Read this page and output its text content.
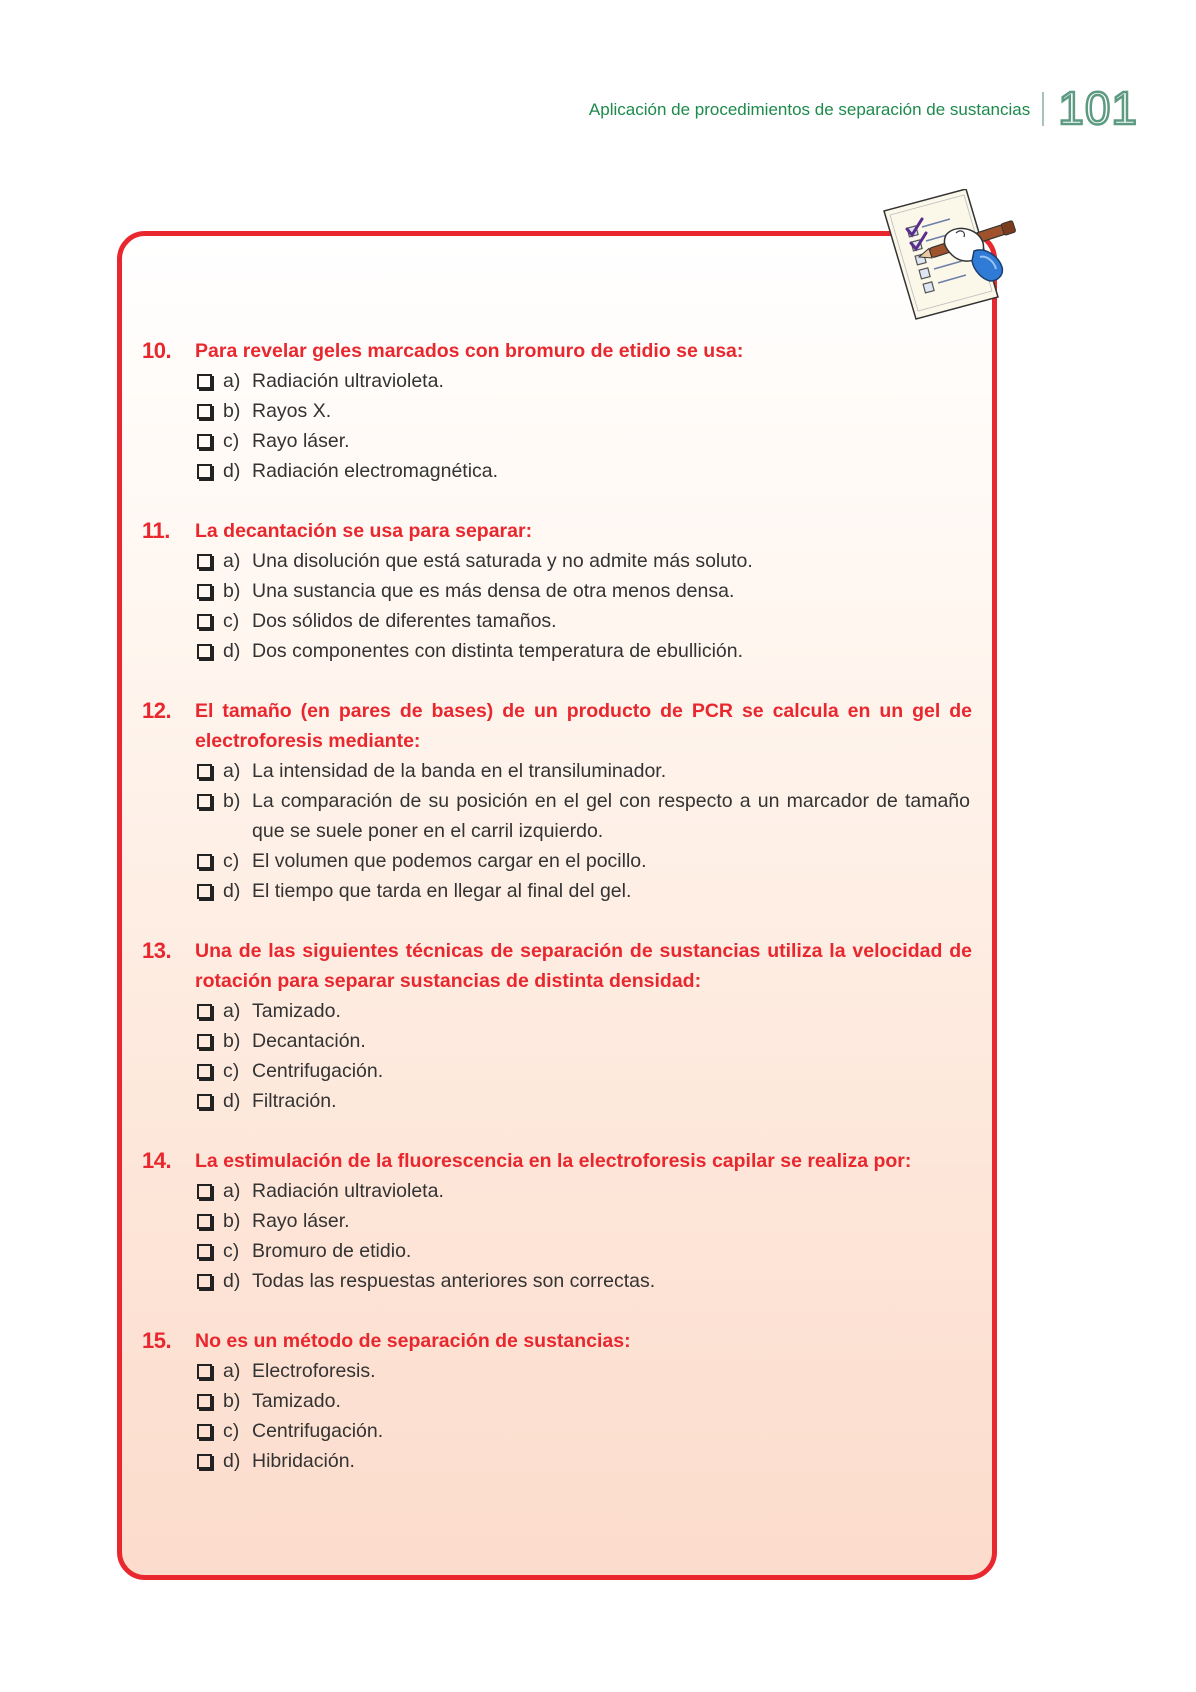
Aplicación de procedimientos de separación de sustancias 101
10.	Para revelar geles marcados con bromuro de etidio se usa:
a) Radiación ultravioleta.
b) Rayos X.
c) Rayo láser.
d) Radiación electromagnética.
11.	La decantación se usa para separar:
a) Una disolución que está saturada y no admite más soluto.
b) Una sustancia que es más densa de otra menos densa.
c) Dos sólidos de diferentes tamaños.
d) Dos componentes con distinta temperatura de ebullición.
12.	El tamaño (en pares de bases) de un producto de PCR se calcula en un gel de electroforesis mediante:
a) La intensidad de la banda en el transiluminador.
b) La comparación de su posición en el gel con respecto a un marcador de tamaño que se suele poner en el carril izquierdo.
c) El volumen que podemos cargar en el pocillo.
d) El tiempo que tarda en llegar al final del gel.
13.	Una de las siguientes técnicas de separación de sustancias utiliza la velocidad de rotación para separar sustancias de distinta densidad:
a) Tamizado.
b) Decantación.
c) Centrifugación.
d) Filtración.
14.	La estimulación de la fluorescencia en la electroforesis capilar se realiza por:
a) Radiación ultravioleta.
b) Rayo láser.
c) Bromuro de etidio.
d) Todas las respuestas anteriores son correctas.
15.	No es un método de separación de sustancias:
a) Electroforesis.
b) Tamizado.
c) Centrifugación.
d) Hibridación.
